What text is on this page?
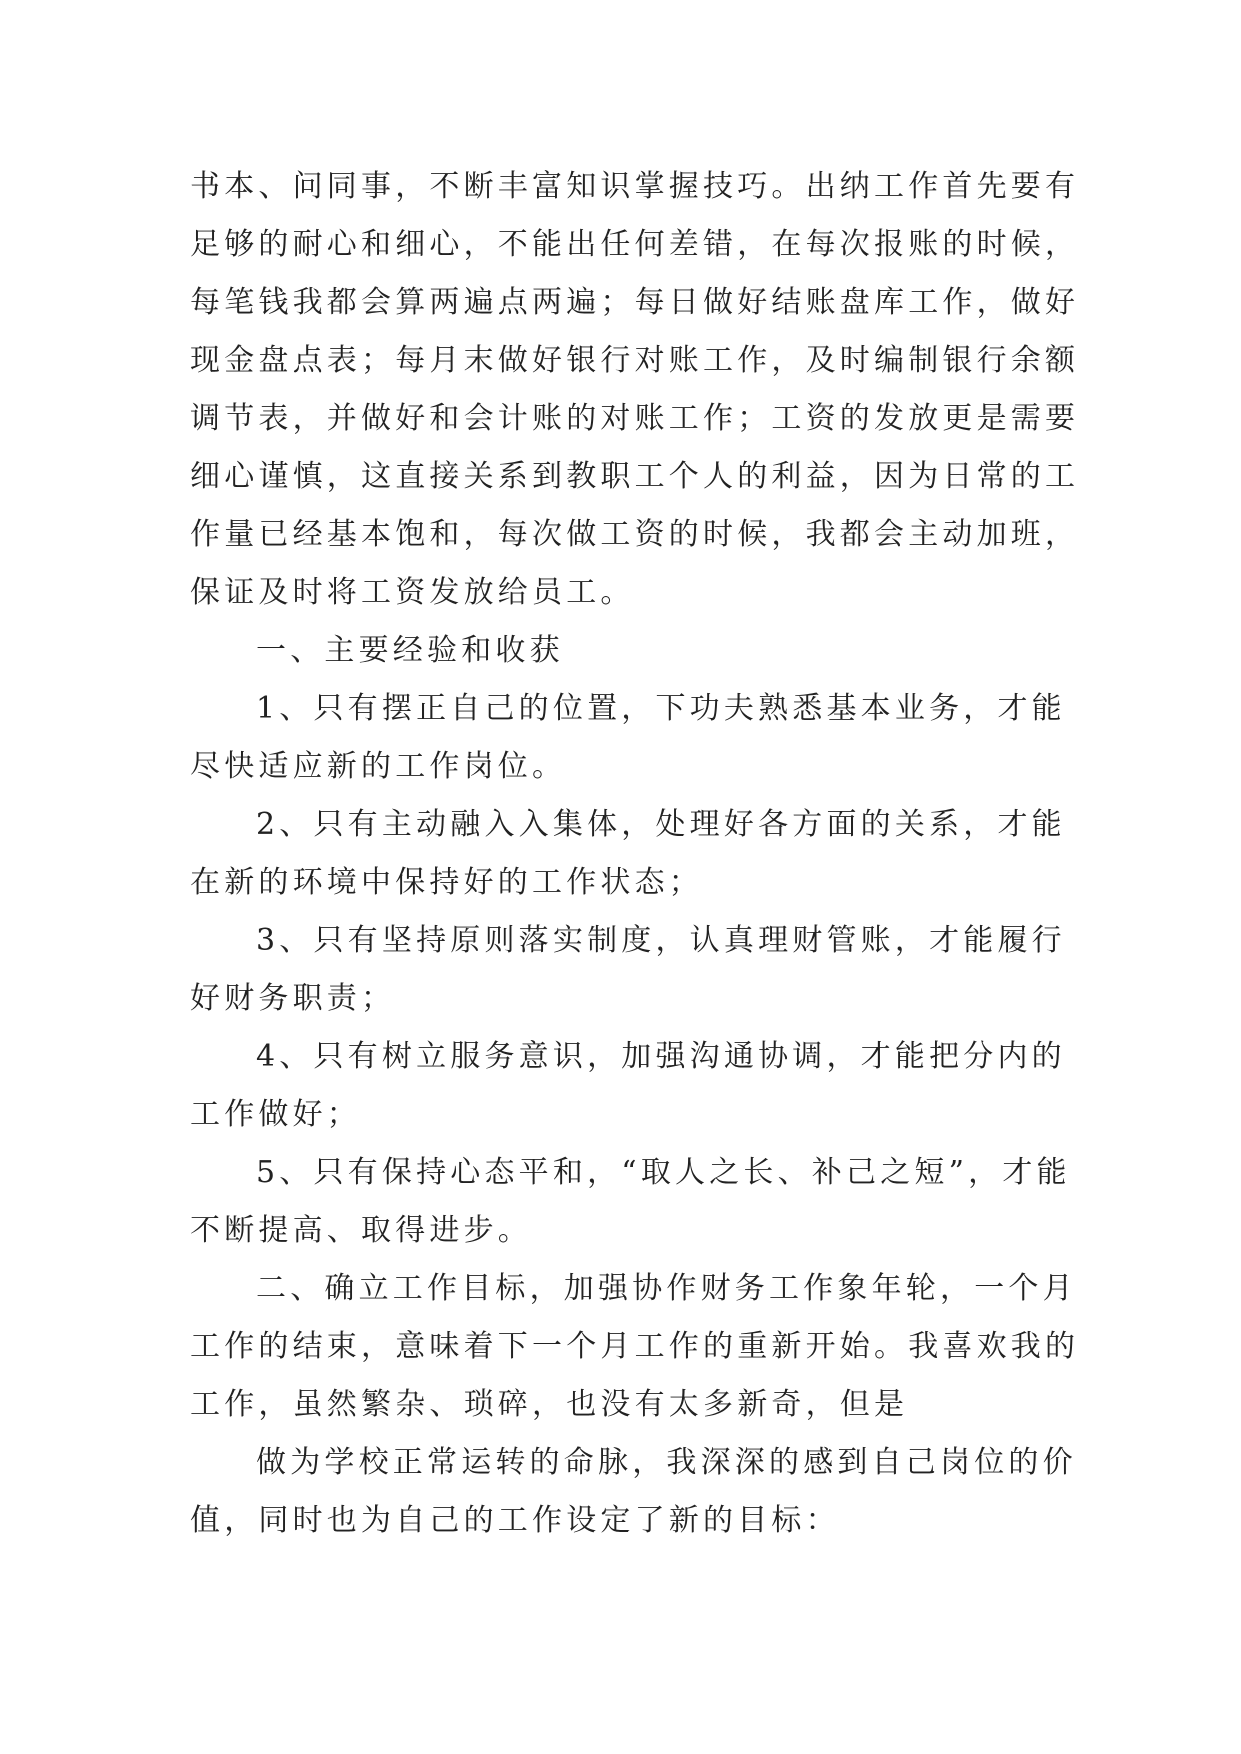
书本、问同事，不断丰富知识掌握技巧。出纳工作首先要有
足够的耐心和细心，不能出任何差错，在每次报账的时候，
每笔钱我都会算两遍点两遍；每日做好结账盘库工作，做好
现金盘点表；每月末做好银行对账工作，及时编制银行余额
调节表，并做好和会计账的对账工作；工资的发放更是需要
细心谨慎，这直接关系到教职工个人的利益，因为日常的工
作量已经基本饱和，每次做工资的时候，我都会主动加班，
保证及时将工资发放给员工。
一、主要经验和收获
1、只有摆正自己的位置，下功夫熟悉基本业务，才能
尽快适应新的工作岗位。
2、只有主动融入入集体，处理好各方面的关系，才能
在新的环境中保持好的工作状态；
3、只有坚持原则落实制度，认真理财管账，才能履行
好财务职责；
4、只有树立服务意识，加强沟通协调，才能把分内的
工作做好；
5、只有保持心态平和，“取人之长、补己之短”，才能
不断提高、取得进步。
二、确立工作目标，加强协作财务工作象年轮，一个月
工作的结束，意味着下一个月工作的重新开始。我喜欢我的
工作，虽然繁杂、琐碎，也没有太多新奇，但是
做为学校正常运转的命脉，我深深的感到自己岗位的价
值，同时也为自己的工作设定了新的目标：
